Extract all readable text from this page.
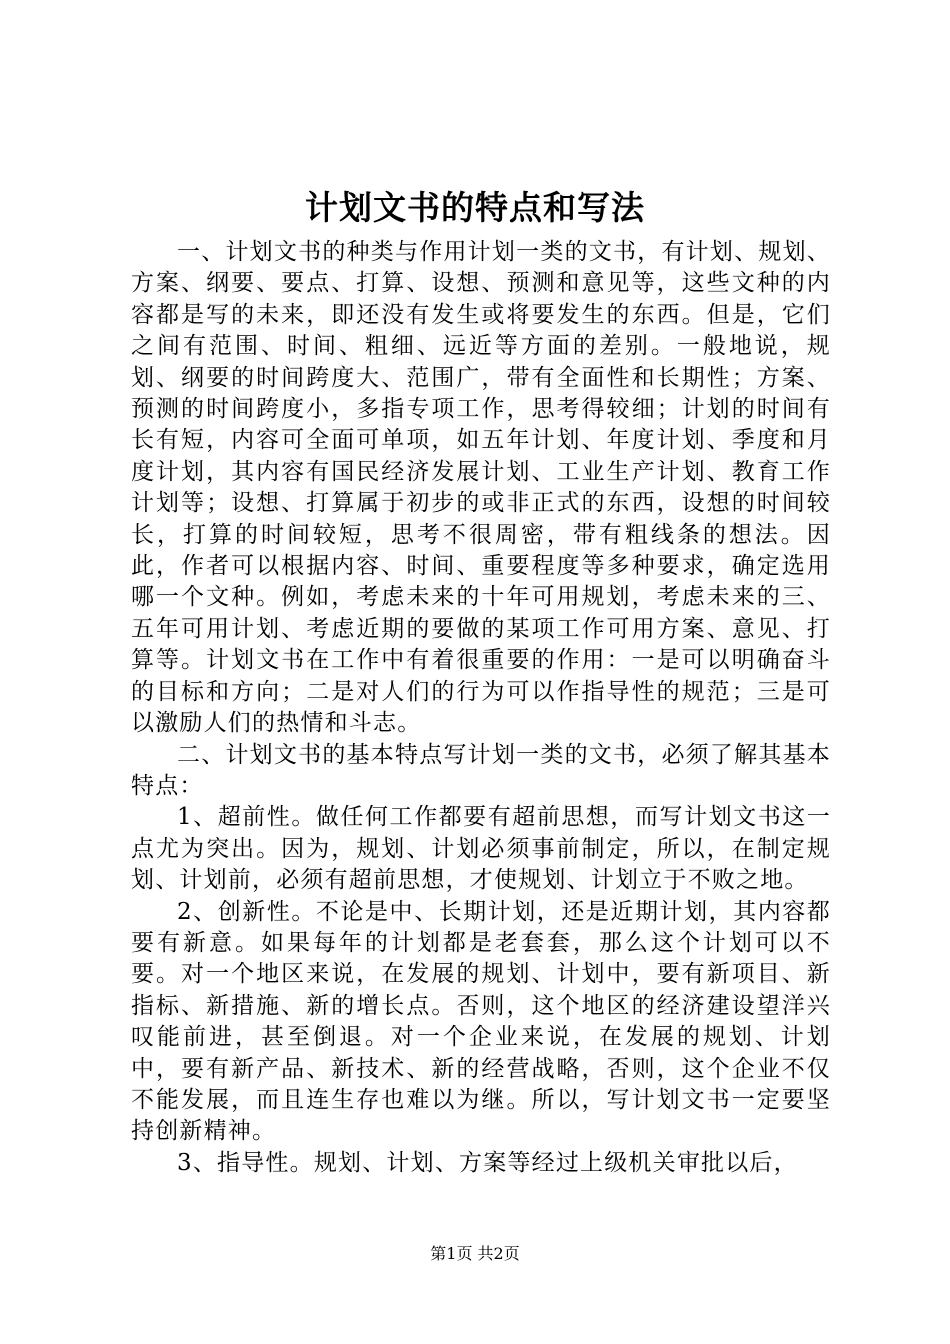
计划文书的特点和写法

一、计划文书的种类与作用计划一类的文书，有计划、规划、方案、纲要、要点、打算、设想、预测和意见等，这些文种的内容都是写的未来，即还没有发生或将要发生的东西。但是，它们之间有范围、时间、粗细、远近等方面的差别。一般地说，规划、纲要的时间跨度大、范围广，带有全面性和长期性；方案、预测的时间跨度小，多指专项工作，思考得较细；计划的时间有长有短，内容可全面可单项，如五年计划、年度计划、季度和月度计划，其内容有国民经济发展计划、工业生产计划、教育工作计划等；设想、打算属于初步的或非正式的东西，设想的时间较长，打算的时间较短，思考不很周密，带有粗线条的想法。因此，作者可以根据内容、时间、重要程度等多种要求，确定选用哪一个文种。例如，考虑未来的十年可用规划，考虑未来的三、五年可用计划、考虑近期的要做的某项工作可用方案、意见、打算等。计划文书在工作中有着很重要的作用：一是可以明确奋斗的目标和方向；二是对人们的行为可以作指导性的规范；三是可以激励人们的热情和斗志。

二、计划文书的基本特点写计划一类的文书，必须了解其基本特点：

1、超前性。做任何工作都要有超前思想，而写计划文书这一点尤为突出。因为，规划、计划必须事前制定，所以，在制定规划、计划前，必须有超前思想，才使规划、计划立于不败之地。

2、创新性。不论是中、长期计划，还是近期计划，其内容都要有新意。如果每年的计划都是老套套，那么这个计划可以不要。对一个地区来说，在发展的规划、计划中，要有新项目、新指标、新措施、新的增长点。否则，这个地区的经济建设望洋兴叹能前进，甚至倒退。对一个企业来说，在发展的规划、计划中，要有新产品、新技术、新的经营战略，否则，这个企业不仅不能发展，而且连生存也难以为继。所以，写计划文书一定要坚持创新精神。

3、指导性。规划、计划、方案等经过上级机关审批以后，

第1页 共2页
